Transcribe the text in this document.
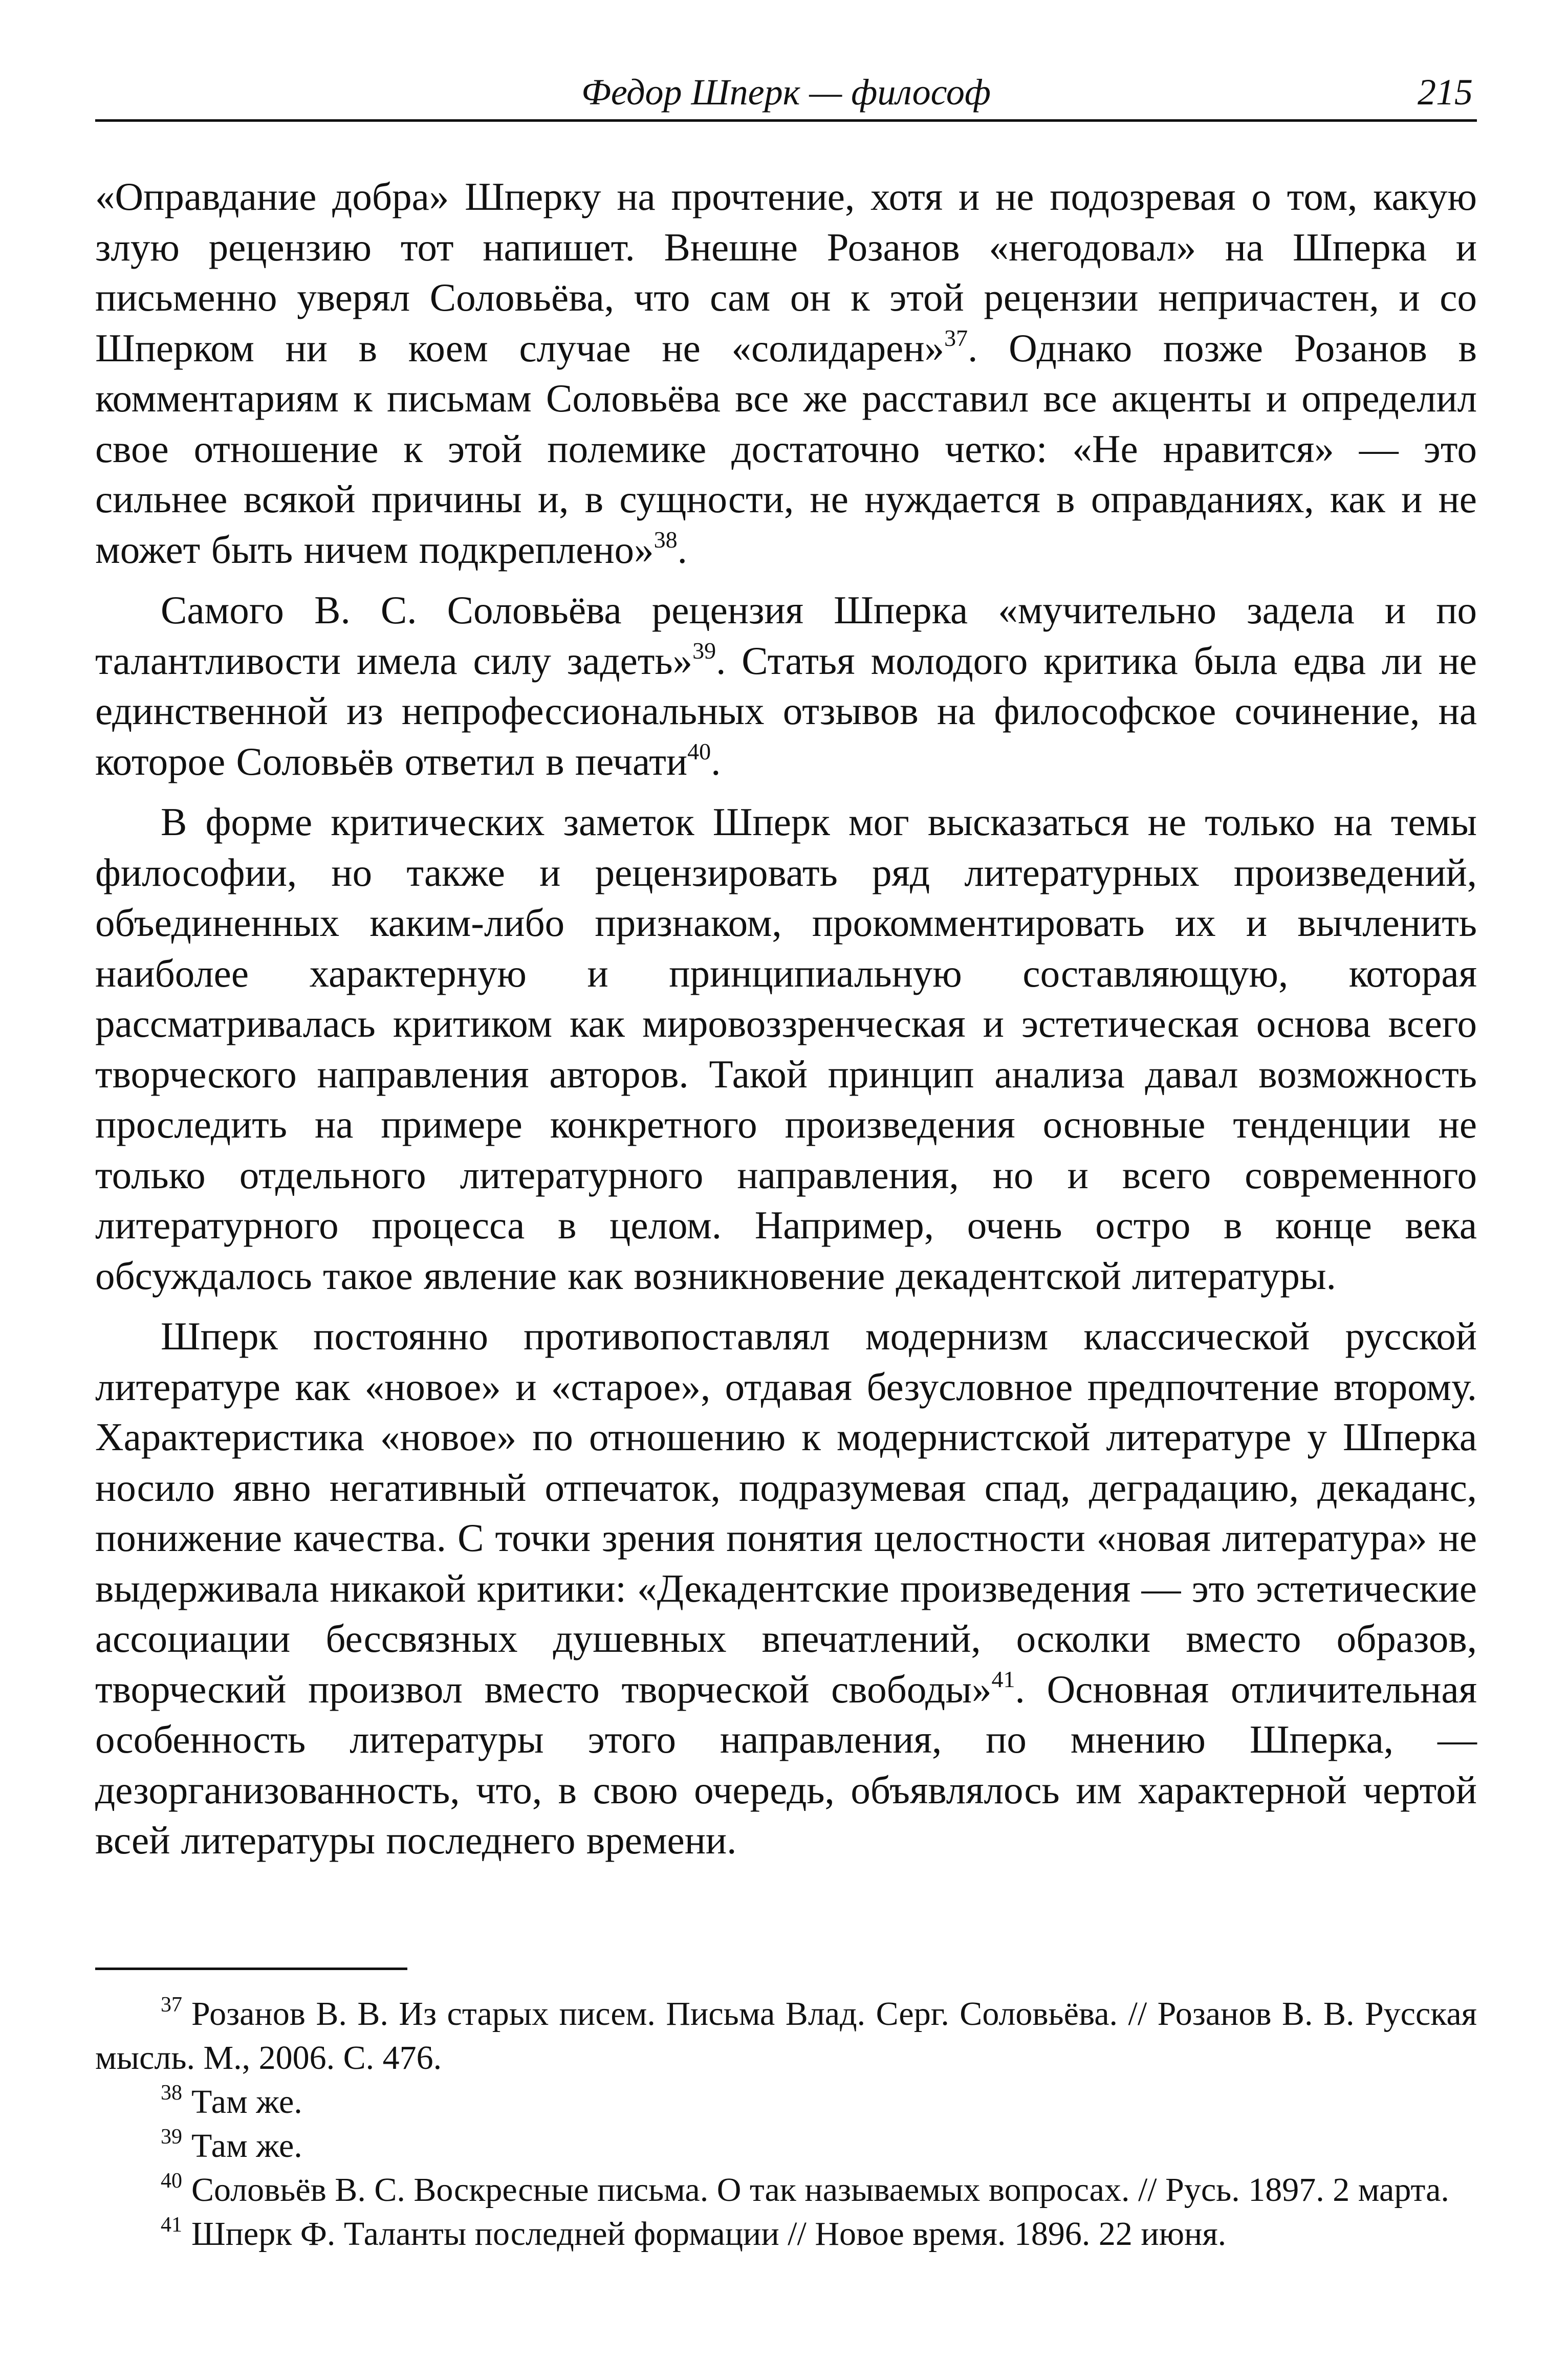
Федор Шперк — философ	215

«Оправдание добра» Шперку на прочтение, хотя и не подозревая о том, какую злую рецензию тот напишет. Внешне Розанов «негодовал» на Шперка и письменно уверял Соловьёва, что сам он к этой рецензии непричастен, и со Шперком ни в коем случае не «солидарен»$^{37}$. Однако позже Розанов в комментариям к письмам Соловьёва все же расставил все акценты и определил свое отношение к этой полемике достаточно четко: «Не нравится» — это сильнее всякой причины и, в сущности, не нуждается в оправданиях, как и не может быть ничем подкреплено»$^{38}$.

Самого В. С. Соловьёва рецензия Шперка «мучительно задела и по талантливости имела силу задеть»$^{39}$. Статья молодого критика была едва ли не единственной из непрофессиональных отзывов на философское сочинение, на которое Соловьёв ответил в печати$^{40}$.

В форме критических заметок Шперк мог высказаться не только на темы философии, но также и рецензировать ряд литературных произведений, объединенных каким-либо признаком, прокомментировать их и вычленить наиболее характерную и принципиальную составляющую, которая рассматривалась критиком как мировоззренческая и эстетическая основа всего творческого направления авторов. Такой принцип анализа давал возможность проследить на примере конкретного произведения основные тенденции не только отдельного литературного направления, но и всего современного литературного процесса в целом. Например, очень остро в конце века обсуждалось такое явление как возникновение декадентской литературы.

Шперк постоянно противопоставлял модернизм классической русской литературе как «новое» и «старое», отдавая безусловное предпочтение второму. Характеристика «новое» по отношению к модернистской литературе у Шперка носило явно негативный отпечаток, подразумевая спад, деградацию, декаданс, понижение качества. С точки зрения понятия целостности «новая литература» не выдерживала никакой критики: «Декадентские произведения — это эстетические ассоциации бессвязных душевных впечатлений, осколки вместо образов, творческий произвол вместо творческой свободы»$^{41}$. Основная отличительная особенность литературы этого направления, по мнению Шперка, — дезорганизованность, что, в свою очередь, объявлялось им характерной чертой всей литературы последнего времени.

$^{37}$ Розанов В. В. Из старых писем. Письма Влад. Серг. Соловьёва. // Розанов В. В. Русская мысль. М., 2006. С. 476.

$^{38}$ Там же.

$^{39}$ Там же.

$^{40}$ Соловьёв В. С. Воскресные письма. О так называемых вопросах. // Русь. 1897. 2 марта.

$^{41}$ Шперк Ф. Таланты последней формации // Новое время. 1896. 22 июня.
